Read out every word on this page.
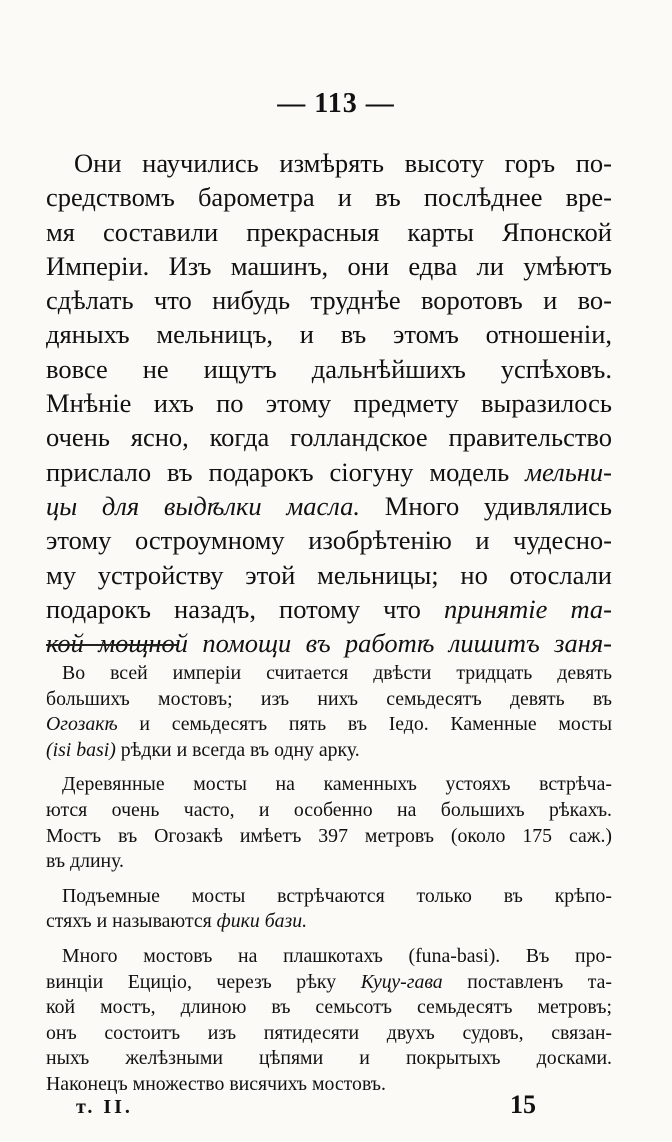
— 113 —
Они научились измѣрять высоту горъ по-
средствомъ барометра и въ послѣднее вре-
мя составили прекрасныя карты Японской
Имперіи. Изъ машинъ, они едва ли умѣютъ
сдѣлать что нибудь труднѣе воротовъ и во-
дяныхъ мельницъ, и въ этомъ отношеніи,
вовсе не ищутъ дальнѣйшихъ успѣховъ.
Мнѣніе ихъ по этому предмету выразилось
очень ясно, когда голландское правительство
прислало въ подарокъ сіогуну модель мельни-
цы для выдѣлки масла. Много удивлялись
этому остроумному изобрѣтенію и чудесно-
му устройству этой мельницы; но отослали
подарокъ назадъ, потому что принятіе та-
кой мощной помощи въ работѣ лишитъ заня-
Во всей имперіи считается двѣсти тридцать девять
большихъ мостовъ; изъ нихъ семьдесятъ девять въ
Огозакѣ и семьдесятъ пять въ Іедо. Каменные мосты
(isi basi) рѣдки и всегда въ одну арку.
Деревянные мосты на каменныхъ устояхъ встрѣча-
ются очень часто, и особенно на большихъ рѣкахъ.
Мостъ въ Огозакѣ имѣетъ 397 метровъ (около 175 саж.)
въ длину.
Подъемные мосты встрѣчаются только въ крѣпо-
стяхъ и называются фики бази.
Много мостовъ на плашкотахъ (funa-basi). Въ про-
винціи Ециціо, черезъ рѣку Куцу-гава поставленъ та-
кой мостъ, длиною въ семьсотъ семьдесятъ метровъ;
онъ состоитъ изъ пятидесяти двухъ судовъ, связан-
ныхъ желѣзными цѣпями и покрытыхъ досками.
Наконецъ множество висячихъ мостовъ.
т. II.	15
